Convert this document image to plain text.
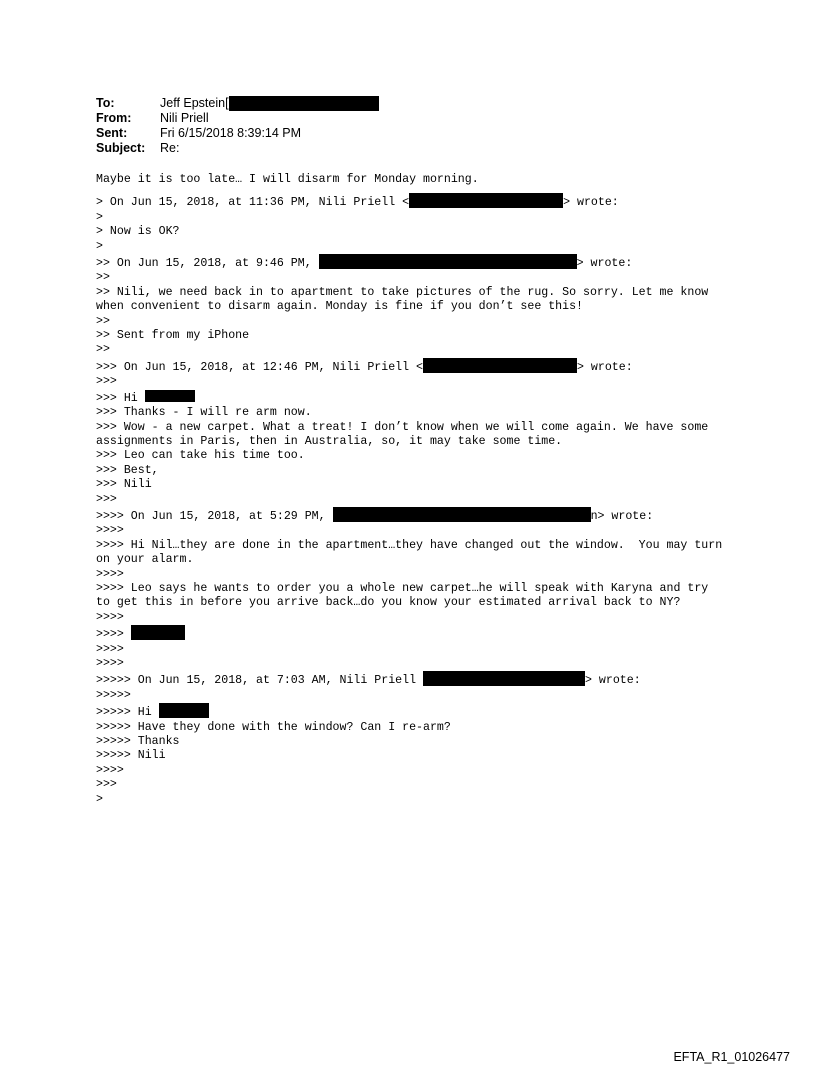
To:	Jeff Epstein[
From:	Nili Priell
Sent:	Fri 6/15/2018 8:39:14 PM
Subject:	Re:
Maybe it is too late… I will disarm for Monday morning.
> On Jun 15, 2018, at 11:36 PM, Nili Priell <	> wrote:
>
> Now is OK?
>
>> On Jun 15, 2018, at 9:46 PM,	> wrote:
>>
>> Nili, we need back in to apartment to take pictures of the rug. So sorry. Let me know when convenient to disarm again. Monday is fine if you don’t see this!
>>
>> Sent from my iPhone
>>
>>> On Jun 15, 2018, at 12:46 PM, Nili Priell <	> wrote:
>>>
>>> Hi
>>> Thanks - I will re arm now.
>>> Wow - a new carpet. What a treat! I don’t know when we will come again. We have some assignments in Paris, then in Australia, so, it may take some time.
>>> Leo can take his time too.
>>> Best,
>>> Nili
>>>
>>>> On Jun 15, 2018, at 5:29 PM,	n> wrote:
>>>>
>>>> Hi Nil…they are done in the apartment…they have changed out the window.  You may turn on your alarm.
>>>>
>>>> Leo says he wants to order you a whole new carpet…he will speak with Karyna and try to get this in before you arrive back…do you know your estimated arrival back to NY?
>>>>
>>>>
>>>>
>>>>
>>>>> On Jun 15, 2018, at 7:03 AM, Nili Priell	> wrote:
>>>>>
>>>>> Hi
>>>>> Have they done with the window? Can I re-arm?
>>>>> Thanks
>>>>> Nili
>>>>
>>>
>
EFTA_R1_01026477
